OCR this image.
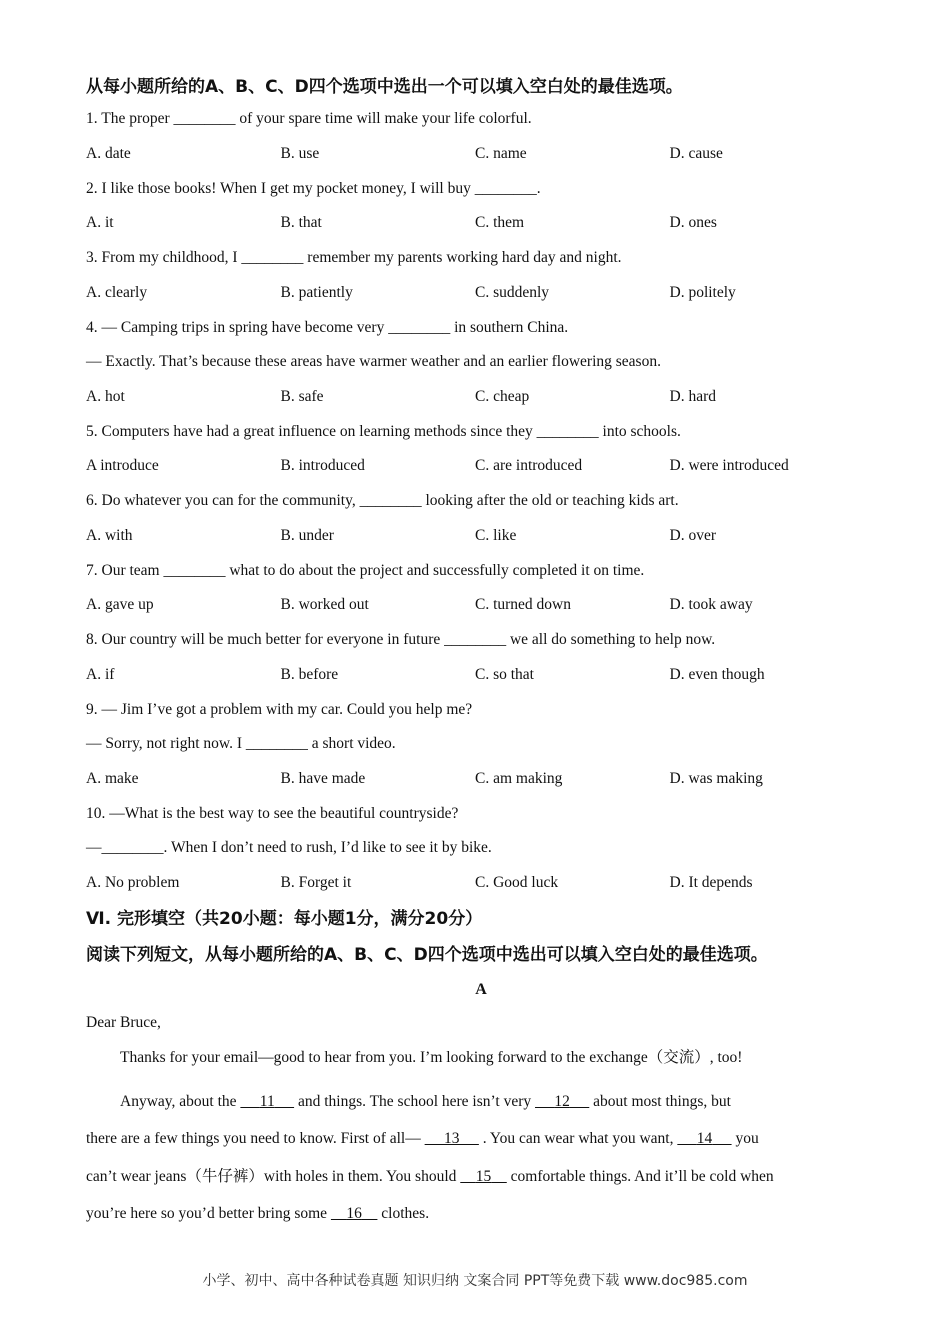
从每小题所给的A、B、C、D四个选项中选出一个可以填入空白处的最佳选项。
1. The proper ________ of your spare time will make your life colorful.
A. date	B. use	C. name	D. cause
2. I like those books! When I get my pocket money, I will buy ________.
A. it	B. that	C. them	D. ones
3. From my childhood, I ________ remember my parents working hard day and night.
A. clearly	B. patiently	C. suddenly	D. politely
4. — Camping trips in spring have become very ________ in southern China.
— Exactly. That’s because these areas have warmer weather and an earlier flowering season.
A. hot	B. safe	C. cheap	D. hard
5. Computers have had a great influence on learning methods since they ________ into schools.
A introduce	B. introduced	C. are introduced	D. were introduced
6. Do whatever you can for the community, ________ looking after the old or teaching kids art.
A. with	B. under	C. like	D. over
7. Our team ________ what to do about the project and successfully completed it on time.
A. gave up	B. worked out	C. turned down	D. took away
8. Our country will be much better for everyone in future ________ we all do something to help now.
A. if	B. before	C. so that	D. even though
9. — Jim I’ve got a problem with my car. Could you help me?
— Sorry, not right now. I ________ a short video.
A. make	B. have made	C. am making	D. was making
10. —What is the best way to see the beautiful countryside?
—________. When I don’t need to rush, I’d like to see it by bike.
A. No problem	B. Forget it	C. Good luck	D. It depends
Ⅵ. 完形填空（共20小题：每小题1分，满分20分）
阅读下列短文，从每小题所给的A、B、C、D四个选项中选出可以填入空白处的最佳选项。
A
Dear Bruce,
Thanks for your email—good to hear from you. I’m looking forward to the exchange（交流）, too!
Anyway, about the      11      and things. The school here isn’t very      12      about most things, but
there are a few things you need to know. First of all—      13      . You can wear what you want,      14      you
can’t wear jeans（牛仔裤）with holes in them. You should     15     comfortable things. And it’ll be cold when
you’re here so you’d better bring some     16     clothes.
小学、初中、高中各种试卷真题 知识归纳 文案合同 PPT等免费下载 www.doc985.com
